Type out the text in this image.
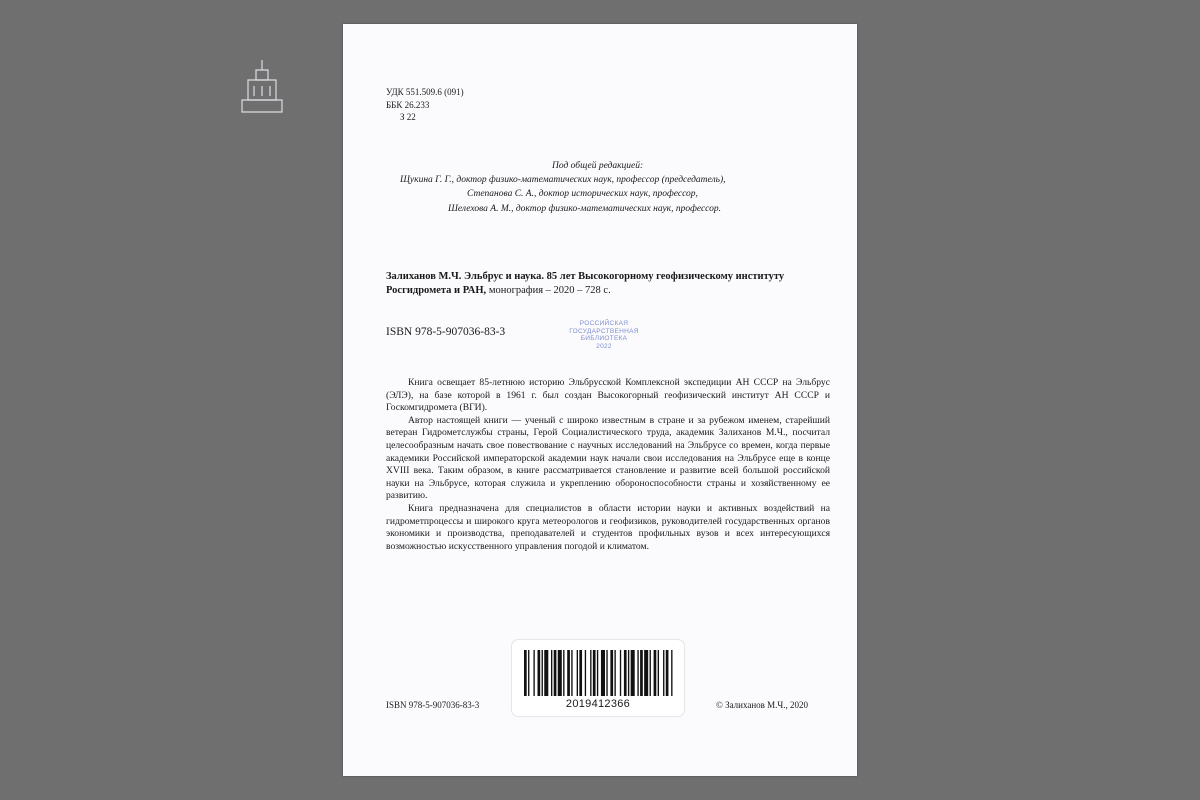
УДК 551.509.6 (091)
ББК 26.233
З 22
Под общей редакцией:
Щукина Г. Г., доктор физико-математических наук, профессор (председатель),
Степанова С. А., доктор исторических наук, профессор,
Шелехова А. М., доктор физико-математических наук, профессор.
Залиханов М.Ч. Эльбрус и наука. 85 лет Высокогорному геофизическому институту Росгидромета и РАН, монография – 2020 – 728 с.
ISBN 978-5-907036-83-3
РОССИЙСКАЯ
ГОСУДАРСТВЕННАЯ
БИБЛИОТЕКА
2022

Книга освещает 85-летнюю историю Эльбрусской Комплексной экспедиции АН СССР на Эльбрус (ЭЛЭ), на базе которой в 1961 г. был создан Высокогорный геофизический институт АН СССР и Госкомгидромета (ВГИ).

Автор настоящей книги — ученый с широко известным в стране и за рубежом именем, старейший ветеран Гидрометслужбы страны, Герой Социалистического труда, академик Залиханов М.Ч., посчитал целесообразным начать свое повествование с научных исследований на Эльбрусе со времен, когда первые академики Российской императорской академии наук начали свои исследования на Эльбрусе еще в конце XVIII века. Таким образом, в книге рассматривается становление и развитие всей большой российской науки на Эльбрусе, которая служила и укреплению обороноспособности страны и хозяйственному ее развитию.

Книга предназначена для специалистов в области истории науки и активных воздействий на гидрометпроцессы и широкого круга метеорологов и геофизиков, руководителей государственных органов экономики и производства, преподавателей и студентов профильных вузов и всех интересующихся возможностью искусственного управления погодой и климатом.

2019412366
ISBN 978-5-907036-83-3	© Залиханов М.Ч., 2020
